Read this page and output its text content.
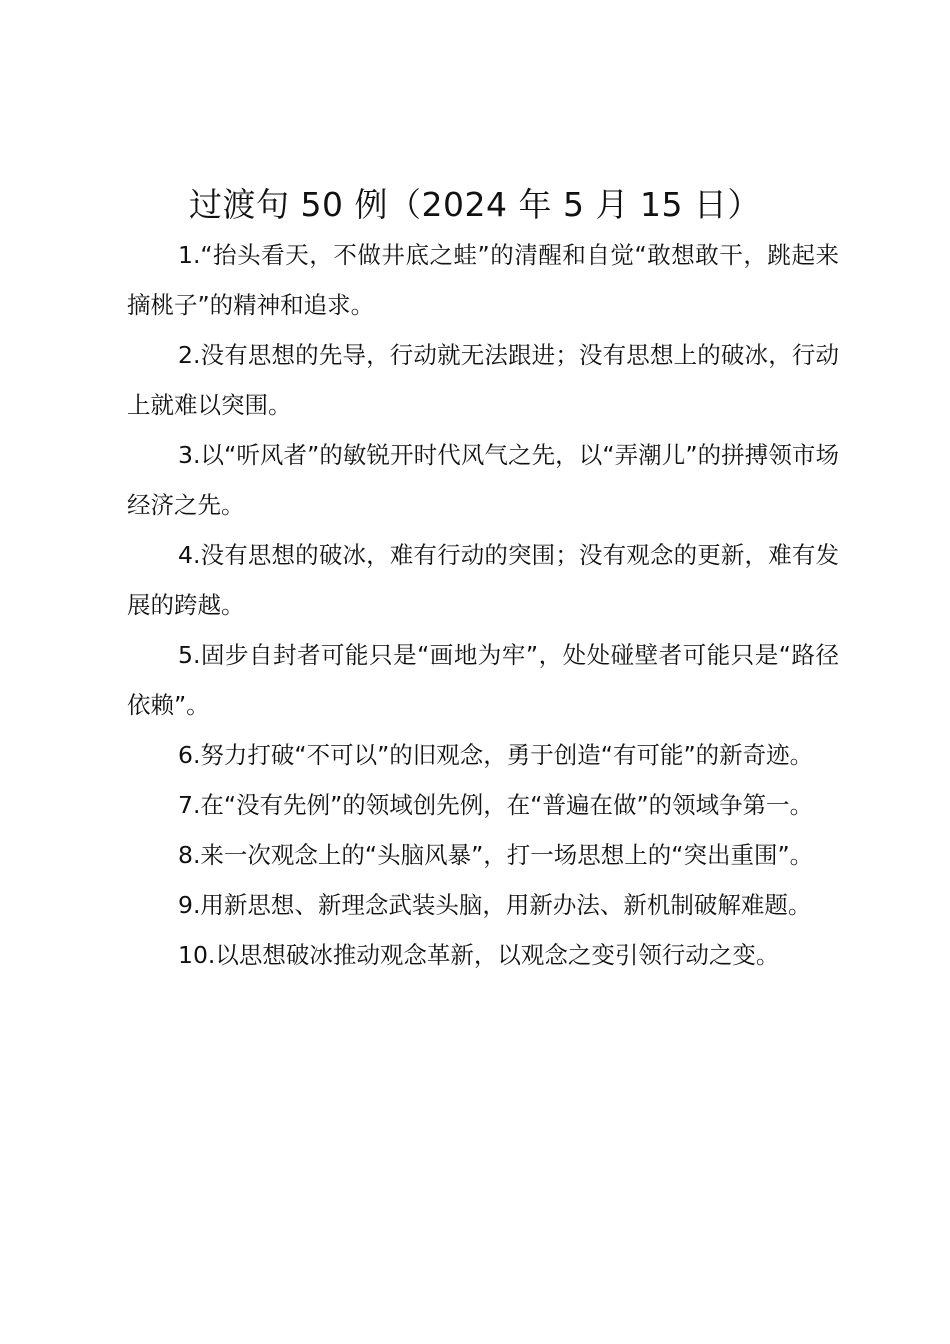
过渡句 50 例（2024 年 5 月 15 日）

1.“抬头看天，不做井底之蛙”的清醒和自觉“敢想敢干，跳起来摘桃子”的精神和追求。

2.没有思想的先导，行动就无法跟进；没有思想上的破冰，行动上就难以突围。

3.以“听风者”的敏锐开时代风气之先，以“弄潮儿”的拼搏领市场经济之先。

4.没有思想的破冰，难有行动的突围；没有观念的更新，难有发展的跨越。

5.固步自封者可能只是“画地为牢”，处处碰壁者可能只是“路径依赖”。

6.努力打破“不可以”的旧观念，勇于创造“有可能”的新奇迹。

7.在“没有先例”的领域创先例，在“普遍在做”的领域争第一。

8.来一次观念上的“头脑风暴”，打一场思想上的“突出重围”。

9.用新思想、新理念武装头脑，用新办法、新机制破解难题。

10.以思想破冰推动观念革新，以观念之变引领行动之变。
